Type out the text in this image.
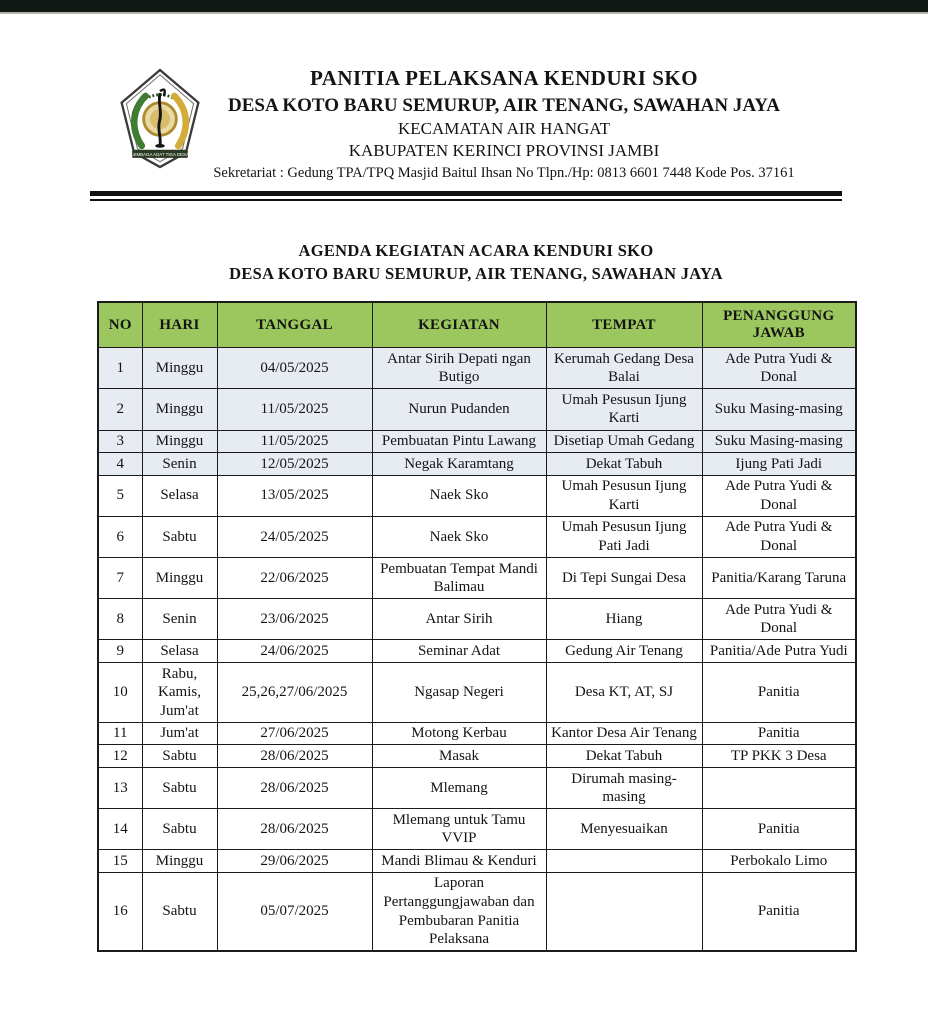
LEMBAGA ADAT TIGA DESA
PANITIA PELAKSANA KENDURI SKO
DESA KOTO BARU SEMURUP, AIR TENANG, SAWAHAN JAYA
KECAMATAN AIR HANGAT
KABUPATEN KERINCI PROVINSI JAMBI
Sekretariat : Gedung TPA/TPQ Masjid Baitul Ihsan No Tlpn./Hp: 0813 6601 7448 Kode Pos. 37161
AGENDA KEGIATAN ACARA KENDURI SKO
DESA KOTO BARU SEMURUP, AIR TENANG, SAWAHAN JAYA
NO	HARI	TANGGAL	KEGIATAN	TEMPAT	PENANGGUNG JAWAB
1	Minggu	04/05/2025	Antar Sirih Depati ngan Butigo	Kerumah Gedang Desa Balai	Ade Putra Yudi & Donal
2	Minggu	11/05/2025	Nurun Pudanden	Umah Pesusun Ijung Karti	Suku Masing-masing
3	Minggu	11/05/2025	Pembuatan Pintu Lawang	Disetiap Umah Gedang	Suku Masing-masing
4	Senin	12/05/2025	Negak Karamtang	Dekat Tabuh	Ijung Pati Jadi
5	Selasa	13/05/2025	Naek Sko	Umah Pesusun Ijung Karti	Ade Putra Yudi & Donal
6	Sabtu	24/05/2025	Naek Sko	Umah Pesusun Ijung Pati Jadi	Ade Putra Yudi & Donal
7	Minggu	22/06/2025	Pembuatan Tempat Mandi Balimau	Di Tepi Sungai Desa	Panitia/Karang Taruna
8	Senin	23/06/2025	Antar Sirih	Hiang	Ade Putra Yudi & Donal
9	Selasa	24/06/2025	Seminar Adat	Gedung Air Tenang	Panitia/Ade Putra Yudi
10	Rabu, Kamis, Jum'at	25,26,27/06/2025	Ngasap Negeri	Desa KT, AT, SJ	Panitia
11	Jum'at	27/06/2025	Motong Kerbau	Kantor Desa Air Tenang	Panitia
12	Sabtu	28/06/2025	Masak	Dekat Tabuh	TP PKK 3 Desa
13	Sabtu	28/06/2025	Mlemang	Dirumah masing-masing	
14	Sabtu	28/06/2025	Mlemang untuk Tamu VVIP	Menyesuaikan	Panitia
15	Minggu	29/06/2025	Mandi Blimau & Kenduri		Perbokalo Limo
16	Sabtu	05/07/2025	Laporan Pertanggungjawaban dan Pembubaran Panitia Pelaksana		Panitia
